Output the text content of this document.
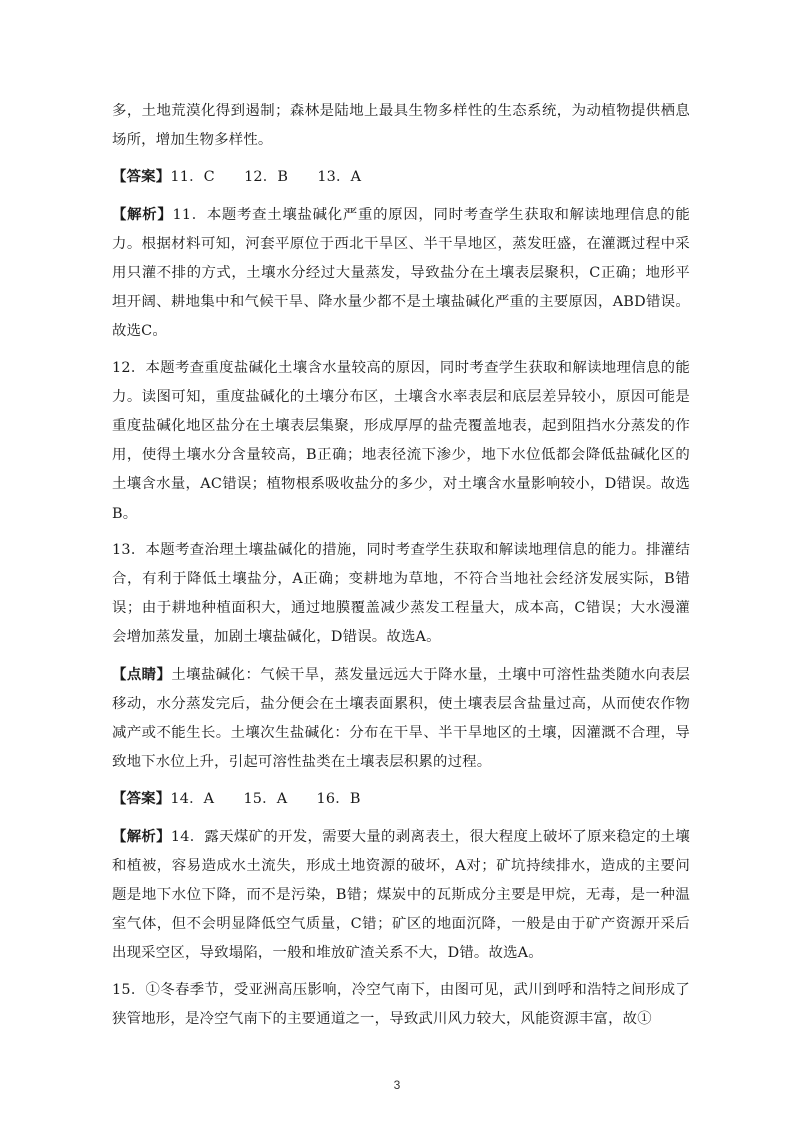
多，土地荒漠化得到遏制；森林是陆地上最具生物多样性的生态系统，为动植物提供栖息场所，增加生物多样性。

【答案】11．C　　12．B　　13．A

【解析】11．本题考查土壤盐碱化严重的原因，同时考查学生获取和解读地理信息的能力。根据材料可知，河套平原位于西北干旱区、半干旱地区，蒸发旺盛，在灌溉过程中采用只灌不排的方式，土壤水分经过大量蒸发，导致盐分在土壤表层聚积，C正确；地形平坦开阔、耕地集中和气候干旱、降水量少都不是土壤盐碱化严重的主要原因，ABD错误。故选C。

12．本题考查重度盐碱化土壤含水量较高的原因，同时考查学生获取和解读地理信息的能力。读图可知，重度盐碱化的土壤分布区，土壤含水率表层和底层差异较小，原因可能是重度盐碱化地区盐分在土壤表层集聚，形成厚厚的盐壳覆盖地表，起到阻挡水分蒸发的作用，使得土壤水分含量较高，B正确；地表径流下渗少，地下水位低都会降低盐碱化区的土壤含水量，AC错误；植物根系吸收盐分的多少，对土壤含水量影响较小，D错误。故选B。

13．本题考查治理土壤盐碱化的措施，同时考查学生获取和解读地理信息的能力。排灌结合，有利于降低土壤盐分，A正确；变耕地为草地，不符合当地社会经济发展实际，B错误；由于耕地种植面积大，通过地膜覆盖减少蒸发工程量大，成本高，C错误；大水漫灌会增加蒸发量，加剧土壤盐碱化，D错误。故选A。

【点睛】土壤盐碱化：气候干旱，蒸发量远远大于降水量，土壤中可溶性盐类随水向表层移动，水分蒸发完后，盐分便会在土壤表面累积，使土壤表层含盐量过高，从而使农作物减产或不能生长。土壤次生盐碱化：分布在干旱、半干旱地区的土壤，因灌溉不合理，导致地下水位上升，引起可溶性盐类在土壤表层积累的过程。

【答案】14．A　　15．A　　16．B

【解析】14．露天煤矿的开发，需要大量的剥离表土，很大程度上破坏了原来稳定的土壤和植被，容易造成水土流失，形成土地资源的破坏，A对；矿坑持续排水，造成的主要问题是地下水位下降，而不是污染，B错；煤炭中的瓦斯成分主要是甲烷，无毒，是一种温室气体，但不会明显降低空气质量，C错；矿区的地面沉降，一般是由于矿产资源开采后出现采空区，导致塌陷，一般和堆放矿渣关系不大，D错。故选A。

15．①冬春季节，受亚洲高压影响，冷空气南下，由图可见，武川到呼和浩特之间形成了狭管地形，是冷空气南下的主要通道之一，导致武川风力较大，风能资源丰富，故①

3
